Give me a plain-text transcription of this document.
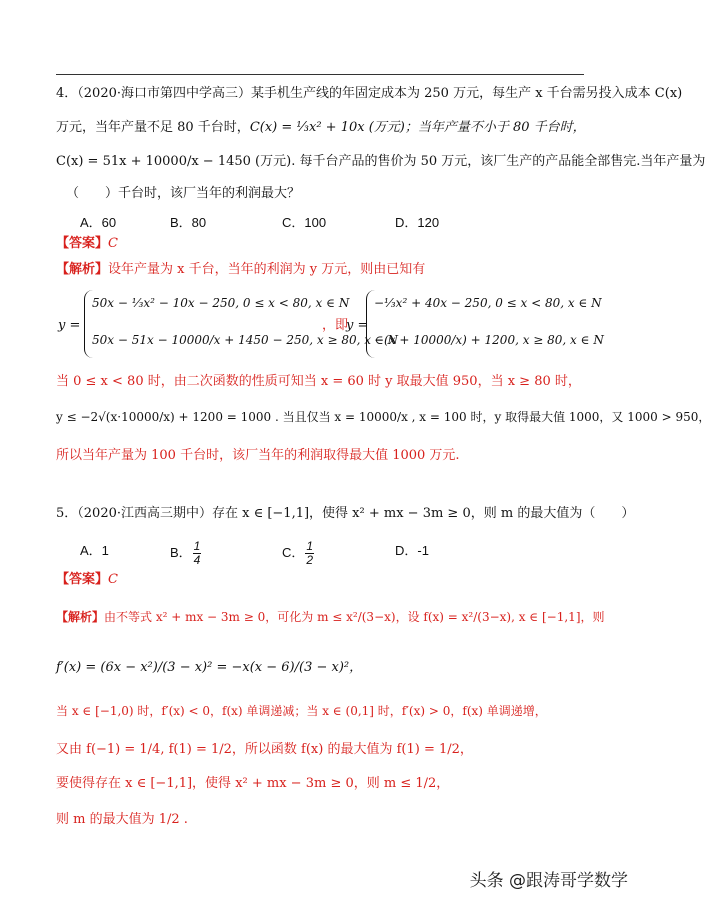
4．（2020·海口市第四中学高三）某手机生产线的年固定成本为 250 万元，每生产 x 千台需另投入成本 C(x)
万元，当年产量不足 80 千台时，C(x) = ⅓x² + 10x (万元)；当年产量不小于 80 千台时，
C(x) = 51x + 10000/x − 1450 (万元). 每千台产品的售价为 50 万元，该厂生产的产品能全部售完.当年产量为
（　　）千台时，该厂当年的利润最大？
A．60	B．80	C．100	D．120
【答案】C
【解析】设年产量为 x 千台，当年的利润为 y 万元，则由已知有
y =
50x − ⅓x² − 10x − 250, 0 ≤ x < 80, x ∈ N
50x − 51x − 10000/x + 1450 − 250, x ≥ 80, x ∈ N
，即
y =
−⅓x² + 40x − 250, 0 ≤ x < 80, x ∈ N
−(x + 10000/x) + 1200, x ≥ 80, x ∈ N
当 0 ≤ x < 80 时，由二次函数的性质可知当 x = 60 时 y 取最大值 950，当 x ≥ 80 时，
y ≤ −2√(x·10000/x) + 1200 = 1000 . 当且仅当 x = 10000/x , x = 100 时，y 取得最大值 1000，又 1000 > 950，
所以当年产量为 100 千台时，该厂当年的利润取得最大值 1000 万元.
5．（2020·江西高三期中）存在 x ∈ [−1,1]，使得 x² + mx − 3m ≥ 0，则 m 的最大值为（　　）
A．1	B． $\frac{1}{4}$	C． $\frac{1}{2}$	D．-1
【答案】C
【解析】由不等式 x² + mx − 3m ≥ 0，可化为 m ≤ x²/(3−x)，设 f(x) = x²/(3−x), x ∈ [−1,1]，则
f′(x) = (6x − x²)/(3 − x)² = −x(x − 6)/(3 − x)²，
当 x ∈ [−1,0) 时，f′(x) < 0，f(x) 单调递减；当 x ∈ (0,1] 时，f′(x) > 0，f(x) 单调递增，
又由 f(−1) = 1/4, f(1) = 1/2，所以函数 f(x) 的最大值为 f(1) = 1/2，
要使得存在 x ∈ [−1,1]，使得 x² + mx − 3m ≥ 0，则 m ≤ 1/2，
则 m 的最大值为 1/2 .
头条 @跟涛哥学数学
